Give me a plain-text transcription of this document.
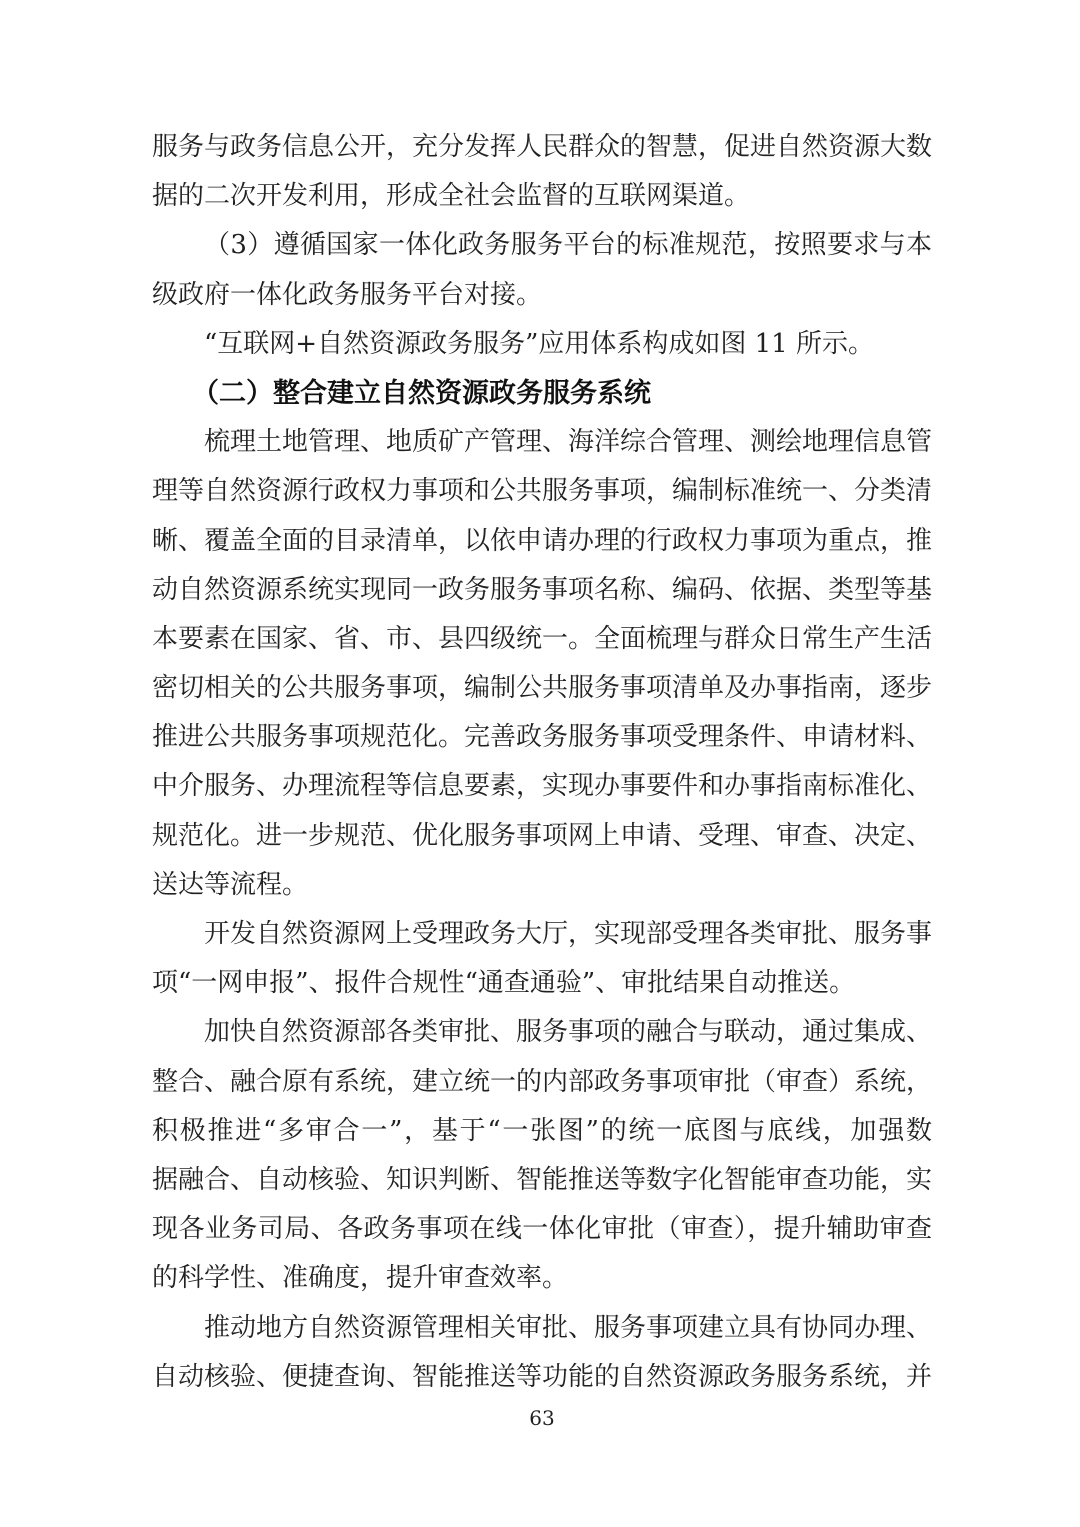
服务与政务信息公开，充分发挥人民群众的智慧，促进自然资源大数
据的二次开发利用，形成全社会监督的互联网渠道。
（3）遵循国家一体化政务服务平台的标准规范，按照要求与本
级政府一体化政务服务平台对接。
“互联网+自然资源政务服务”应用体系构成如图 11 所示。
（二）整合建立自然资源政务服务系统
梳理土地管理、地质矿产管理、海洋综合管理、测绘地理信息管
理等自然资源行政权力事项和公共服务事项，编制标准统一、分类清
晰、覆盖全面的目录清单，以依申请办理的行政权力事项为重点，推
动自然资源系统实现同一政务服务事项名称、编码、依据、类型等基
本要素在国家、省、市、县四级统一。全面梳理与群众日常生产生活
密切相关的公共服务事项，编制公共服务事项清单及办事指南，逐步
推进公共服务事项规范化。完善政务服务事项受理条件、申请材料、
中介服务、办理流程等信息要素，实现办事要件和办事指南标准化、
规范化。进一步规范、优化服务事项网上申请、受理、审查、决定、
送达等流程。
开发自然资源网上受理政务大厅，实现部受理各类审批、服务事
项“一网申报”、报件合规性“通查通验”、审批结果自动推送。
加快自然资源部各类审批、服务事项的融合与联动，通过集成、
整合、融合原有系统，建立统一的内部政务事项审批（审查）系统，
积极推进“多审合一”，基于“一张图”的统一底图与底线，加强数
据融合、自动核验、知识判断、智能推送等数字化智能审查功能，实
现各业务司局、各政务事项在线一体化审批（审查），提升辅助审查
的科学性、准确度，提升审查效率。
推动地方自然资源管理相关审批、服务事项建立具有协同办理、
自动核验、便捷查询、智能推送等功能的自然资源政务服务系统，并
63
